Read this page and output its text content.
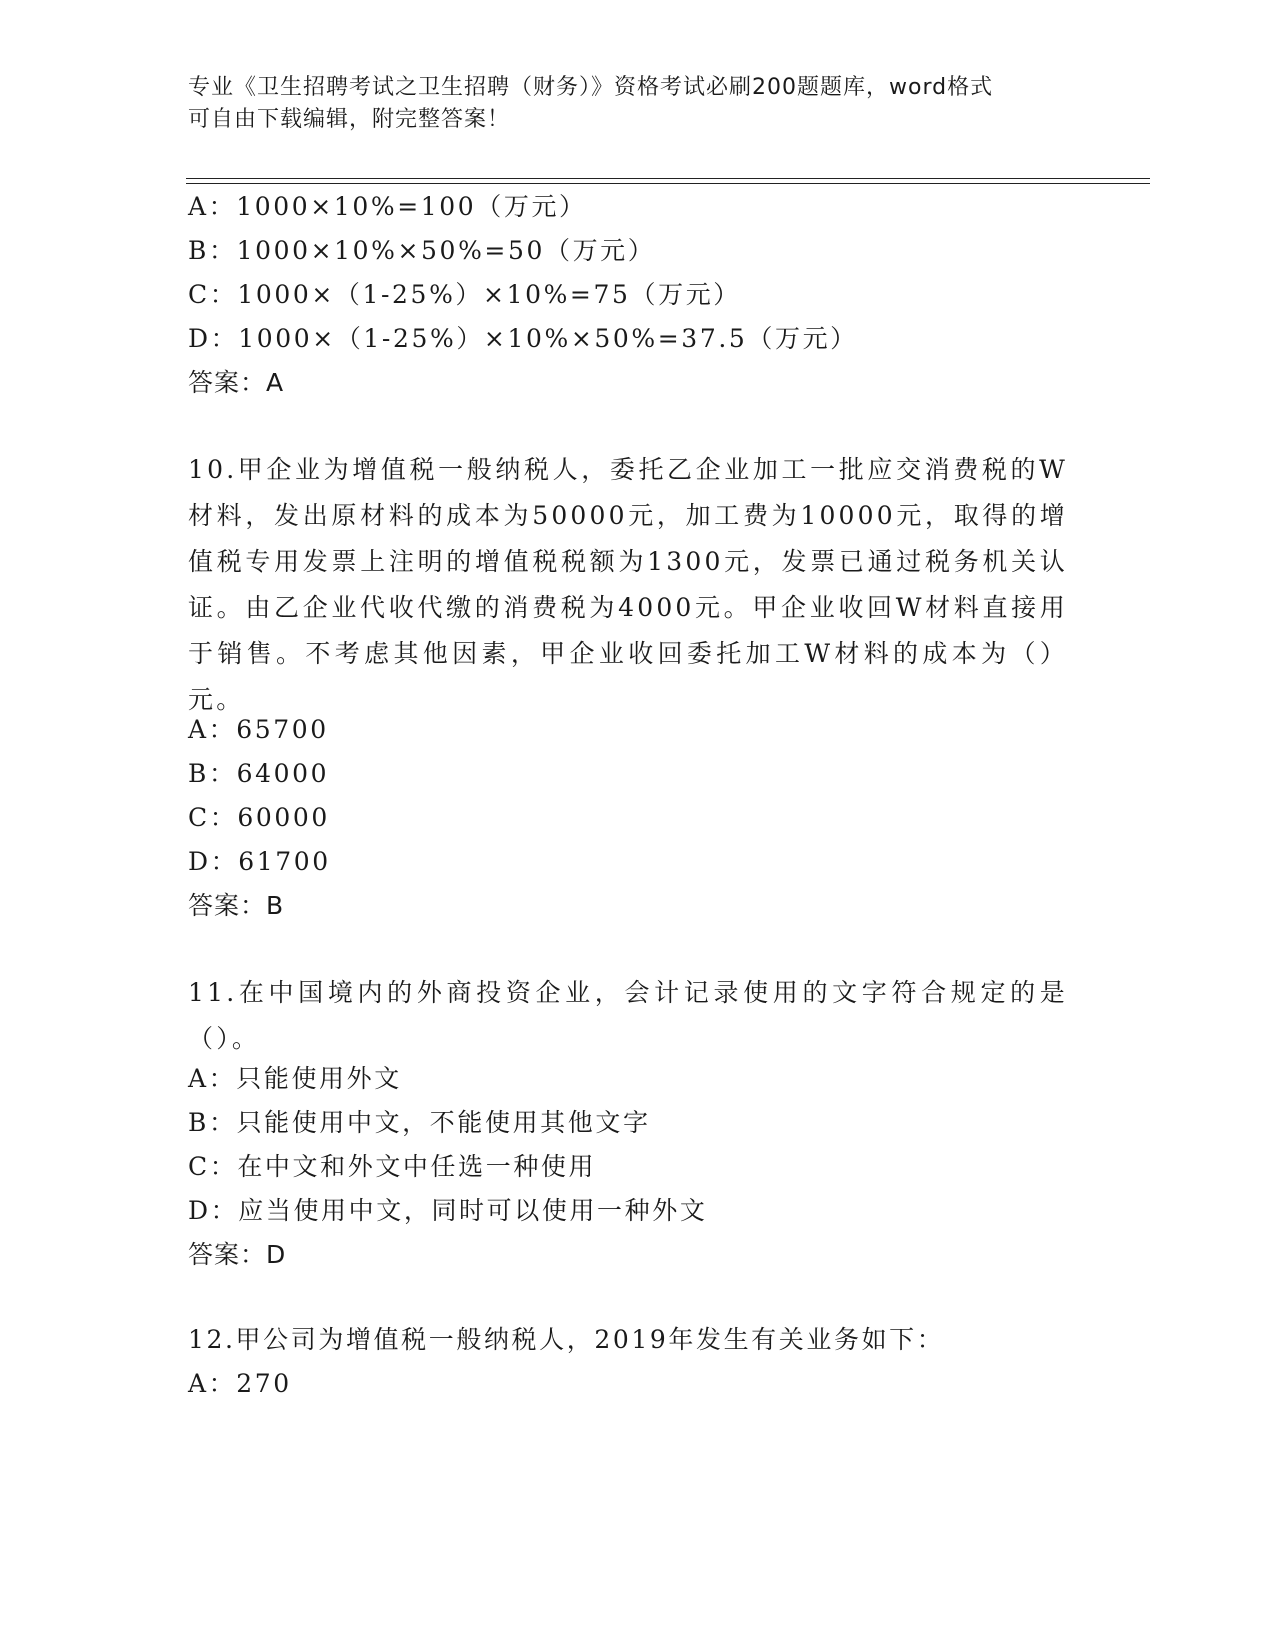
专业《卫生招聘考试之卫生招聘（财务）》资格考试必刷200题题库，word格式
可自由下载编辑，附完整答案！
A：1000×10%=100（万元）
B：1000×10%×50%=50（万元）
C：1000×（1-25%）×10%=75（万元）
D：1000×（1-25%）×10%×50%=37.5（万元）
答案：A
10.甲企业为增值税一般纳税人，委托乙企业加工一批应交消费税的W材料，发出原材料的成本为50000元，加工费为10000元，取得的增值税专用发票上注明的增值税税额为1300元，发票已通过税务机关认证。由乙企业代收代缴的消费税为4000元。甲企业收回W材料直接用于销售。不考虑其他因素，甲企业收回委托加工W材料的成本为（）元。
A：65700
B：64000
C：60000
D：61700
答案：B
11.在中国境内的外商投资企业，会计记录使用的文字符合规定的是（）。
A：只能使用外文
B：只能使用中文，不能使用其他文字
C：在中文和外文中任选一种使用
D：应当使用中文，同时可以使用一种外文
答案：D
12.甲公司为增值税一般纳税人，2019年发生有关业务如下：
A：270
